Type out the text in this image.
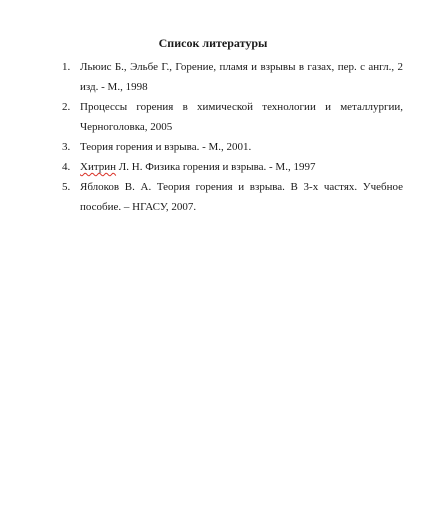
Список литературы
1. Льюис Б., Эльбе Г., Горение, пламя и взрывы в газах, пер. с англ., 2 изд. - М., 1998
2. Процессы горения в химической технологии и металлургии, Черноголовка, 2005
3. Теория горения и взрыва. - М., 2001.
4. Хитрин Л. Н. Физика горения и взрыва. - М., 1997
5. Яблоков В. А. Теория горения и взрыва. В 3-х частях. Учебное пособие. – НГАСУ, 2007.
